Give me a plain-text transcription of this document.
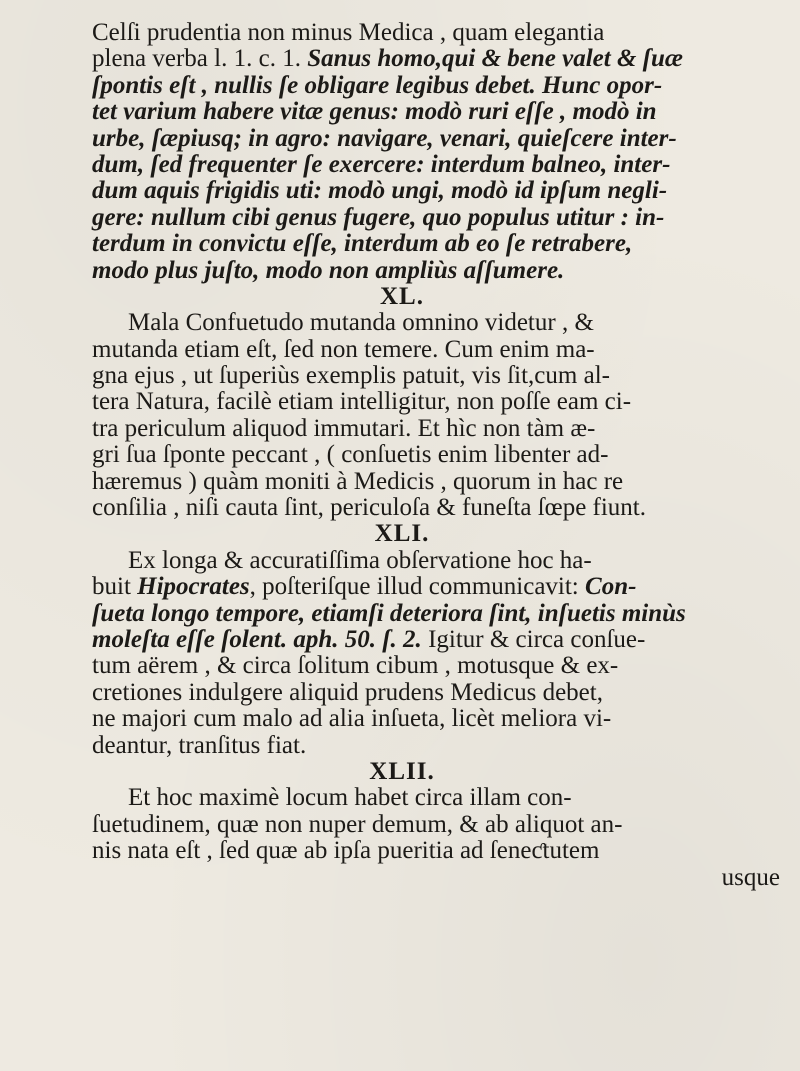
Celſi prudentia non minus Medica , quam elegantia
plena verba l. 1. c. 1. Sanus homo,qui & bene valet & ſuæ
ſpontis eſt , nullis ſe obligare legibus debet. Hunc opor-
tet varium habere vitæ genus: modò ruri eſſe , modò in
urbe, ſæpiusq; in agro: navigare, venari, quieſcere inter-
dum, ſed frequenter ſe exercere: interdum balneo, inter-
dum aquis frigidis uti: modò ungi, modò id ipſum negli-
gere: nullum cibi genus fugere, quo populus utitur : in-
terdum in convictu eſſe, interdum ab eo ſe retrabere,
modo plus juſto, modo non ampliùs aſſumere.
XL.
Mala Confuetudo mutanda omnino videtur , &
mutanda etiam eſt, ſed non temere. Cum enim ma-
gna ejus , ut ſuperiùs exemplis patuit, vis ſit,cum al-
tera Natura, facilè etiam intelligitur, non poſſe eam ci-
tra periculum aliquod immutari. Et hìc non tàm æ-
gri ſua ſponte peccant , ( conſuetis enim libenter ad-
hæremus ) quàm moniti à Medicis , quorum in hac re
conſilia , niſi cauta ſint, periculoſa & funeſta ſœpe fiunt.
XLI.
Ex longa & accuratiſſima obſervatione hoc ha-
buit Hipocrates, poſteriſque illud communicavit: Con-
ſueta longo tempore, etiamſi deteriora ſint, inſuetis minùs
moleſta eſſe ſolent. aph. 50. ſ. 2. Igitur & circa conſue-
tum aërem , & circa ſolitum cibum , motusque & ex-
cretiones indulgere aliquid prudens Medicus debet,
ne majori cum malo ad alia inſueta, licèt meliora vi-
deantur, tranſitus fiat.
XLII.
Et hoc maximè locum habet circa illam con-
ſuetudinem, quæ non nuper demum, & ab aliquot an-
nis nata eſt , ſed quæ ab ipſa pueritia ad ſeneƈtutem
usque
